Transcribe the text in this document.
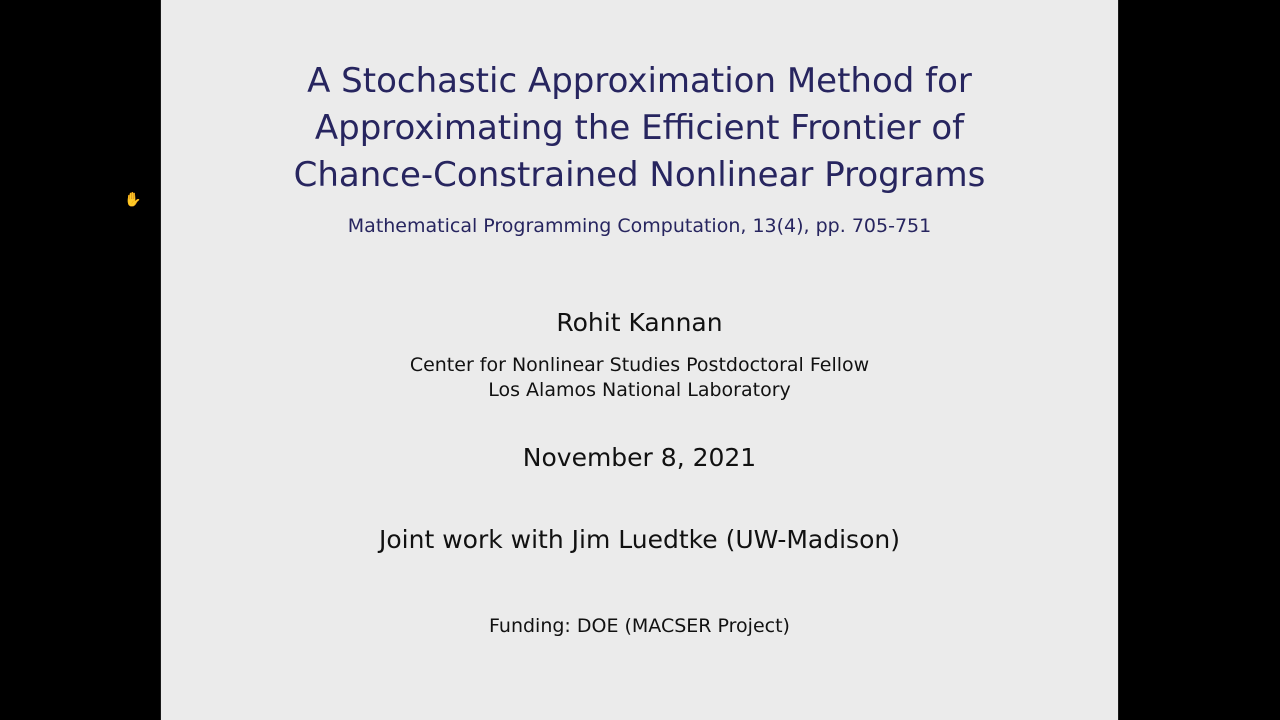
✋
A Stochastic Approximation Method for
Approximating the Efficient Frontier of
Chance-Constrained Nonlinear Programs
Mathematical Programming Computation, 13(4), pp. 705-751
Rohit Kannan
Center for Nonlinear Studies Postdoctoral Fellow
Los Alamos National Laboratory
November 8, 2021
Joint work with Jim Luedtke (UW-Madison)
Funding: DOE (MACSER Project)
